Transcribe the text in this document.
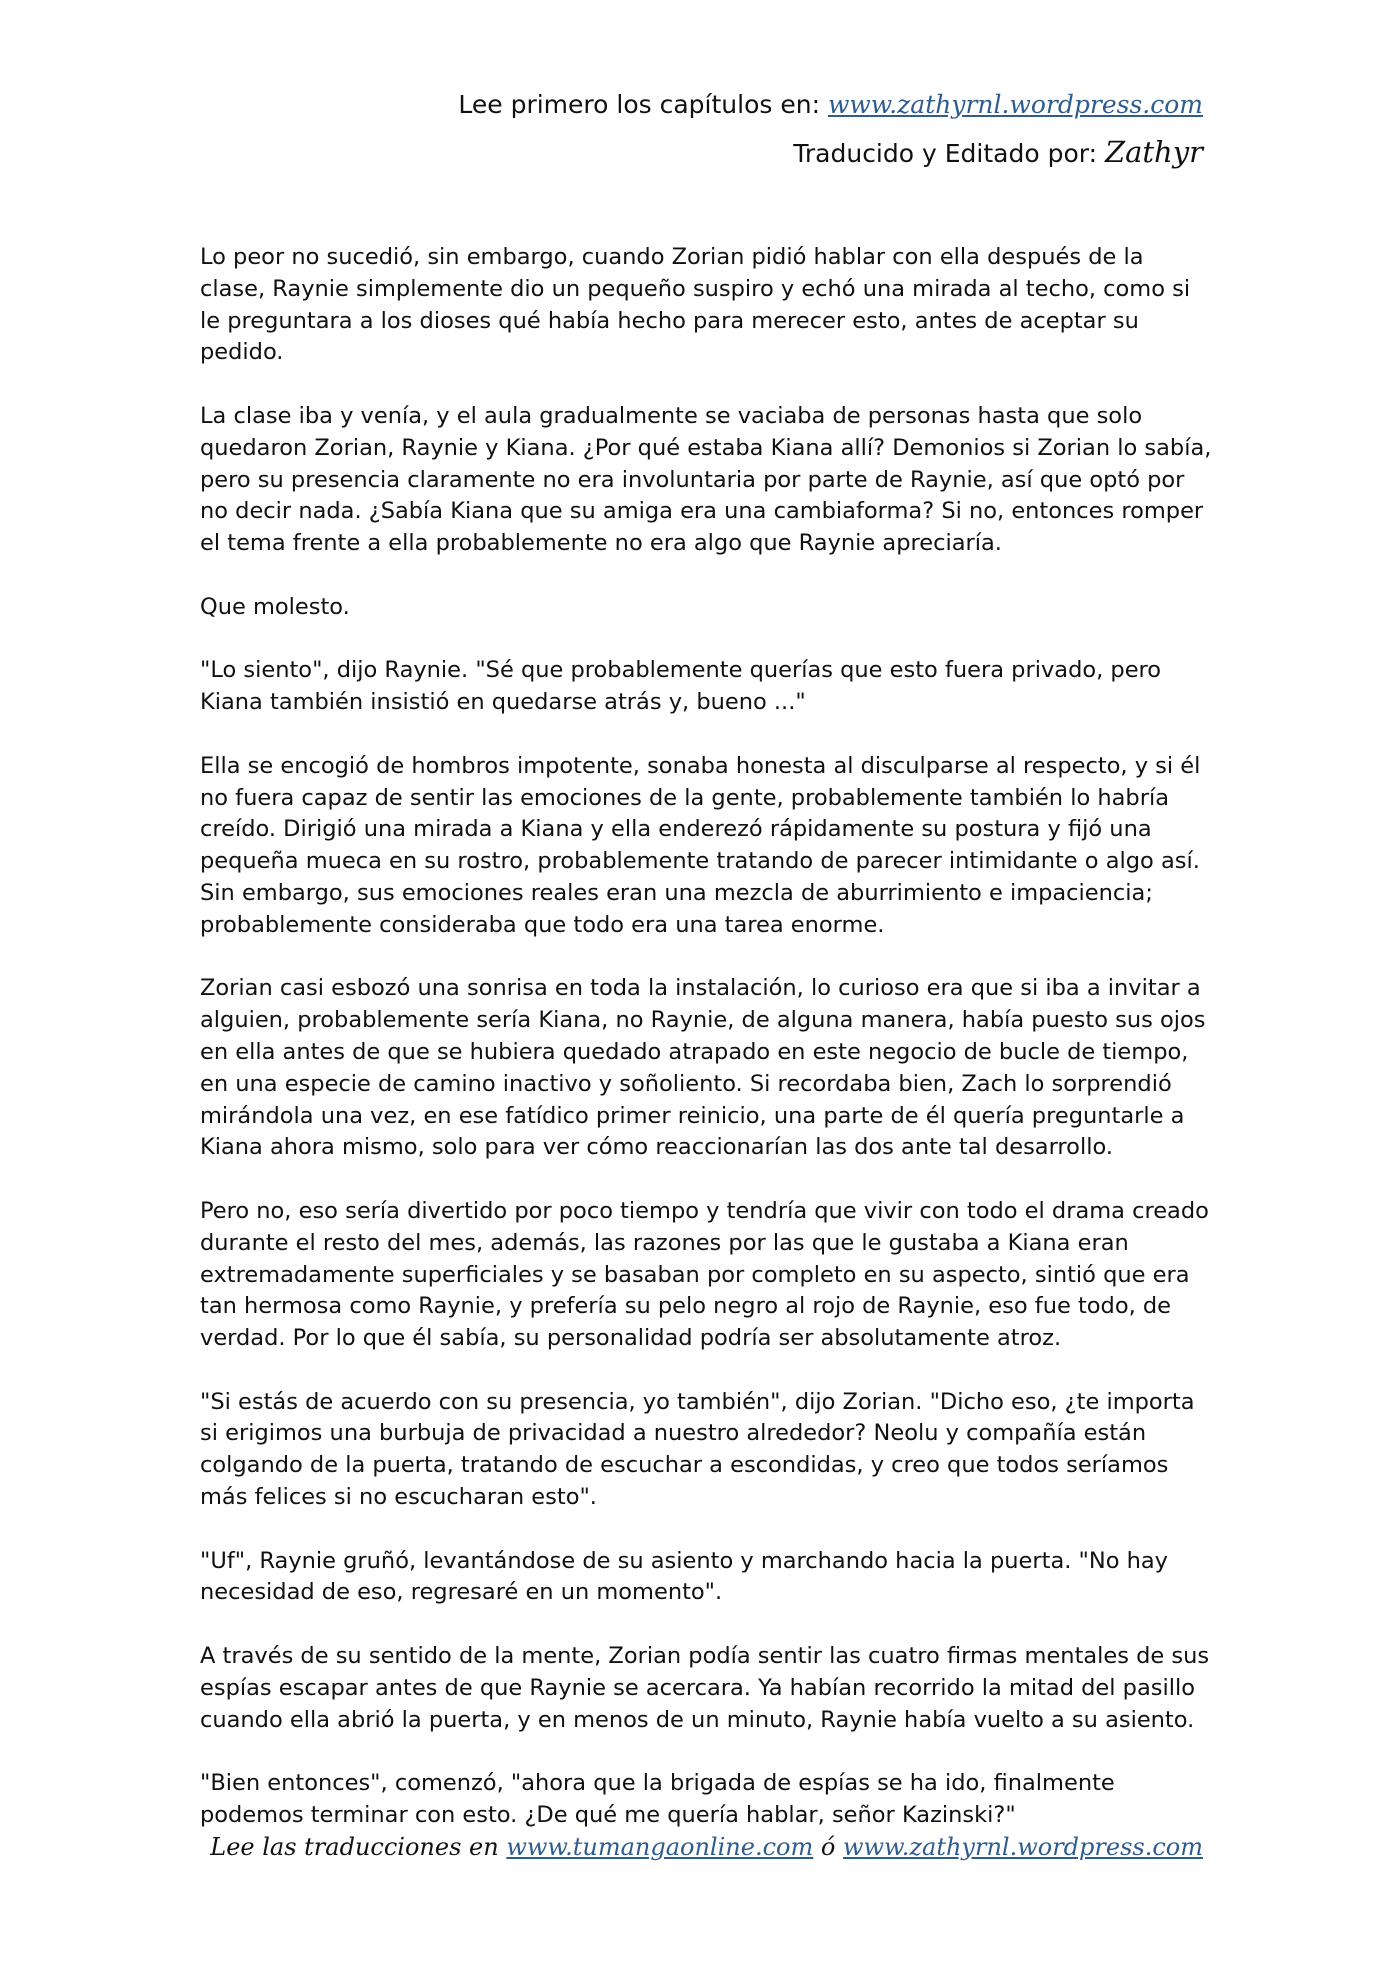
Lee primero los capítulos en: www.zathyrnl.wordpress.com
Traducido y Editado por: Zathyr

Lo peor no sucedió, sin embargo, cuando Zorian pidió hablar con ella después de la clase, Raynie simplemente dio un pequeño suspiro y echó una mirada al techo, como si le preguntara a los dioses qué había hecho para merecer esto, antes de aceptar su pedido.

La clase iba y venía, y el aula gradualmente se vaciaba de personas hasta que solo quedaron Zorian, Raynie y Kiana. ¿Por qué estaba Kiana allí? Demonios si Zorian lo sabía, pero su presencia claramente no era involuntaria por parte de Raynie, así que optó por no decir nada. ¿Sabía Kiana que su amiga era una cambiaforma? Si no, entonces romper el tema frente a ella probablemente no era algo que Raynie apreciaría.

Que molesto.

"Lo siento", dijo Raynie. "Sé que probablemente querías que esto fuera privado, pero Kiana también insistió en quedarse atrás y, bueno ..."

Ella se encogió de hombros impotente, sonaba honesta al disculparse al respecto, y si él no fuera capaz de sentir las emociones de la gente, probablemente también lo habría creído. Dirigió una mirada a Kiana y ella enderezó rápidamente su postura y fijó una pequeña mueca en su rostro, probablemente tratando de parecer intimidante o algo así. Sin embargo, sus emociones reales eran una mezcla de aburrimiento e impaciencia; probablemente consideraba que todo era una tarea enorme.

Zorian casi esbozó una sonrisa en toda la instalación, lo curioso era que si iba a invitar a alguien, probablemente sería Kiana, no Raynie, de alguna manera, había puesto sus ojos en ella antes de que se hubiera quedado atrapado en este negocio de bucle de tiempo, en una especie de camino inactivo y soñoliento. Si recordaba bien, Zach lo sorprendió mirándola una vez, en ese fatídico primer reinicio, una parte de él quería preguntarle a Kiana ahora mismo, solo para ver cómo reaccionarían las dos ante tal desarrollo.

Pero no, eso sería divertido por poco tiempo y tendría que vivir con todo el drama creado durante el resto del mes, además, las razones por las que le gustaba a Kiana eran extremadamente superficiales y se basaban por completo en su aspecto, sintió que era tan hermosa como Raynie, y prefería su pelo negro al rojo de Raynie, eso fue todo, de verdad. Por lo que él sabía, su personalidad podría ser absolutamente atroz.

"Si estás de acuerdo con su presencia, yo también", dijo Zorian. "Dicho eso, ¿te importa si erigimos una burbuja de privacidad a nuestro alrededor? Neolu y compañía están colgando de la puerta, tratando de escuchar a escondidas, y creo que todos seríamos más felices si no escucharan esto".

"Uf", Raynie gruñó, levantándose de su asiento y marchando hacia la puerta. "No hay necesidad de eso, regresaré en un momento".

A través de su sentido de la mente, Zorian podía sentir las cuatro firmas mentales de sus espías escapar antes de que Raynie se acercara. Ya habían recorrido la mitad del pasillo cuando ella abrió la puerta, y en menos de un minuto, Raynie había vuelto a su asiento.

"Bien entonces", comenzó, "ahora que la brigada de espías se ha ido, finalmente podemos terminar con esto. ¿De qué me quería hablar, señor Kazinski?"

Lee las traducciones en www.tumangaonline.com ó www.zathyrnl.wordpress.com
